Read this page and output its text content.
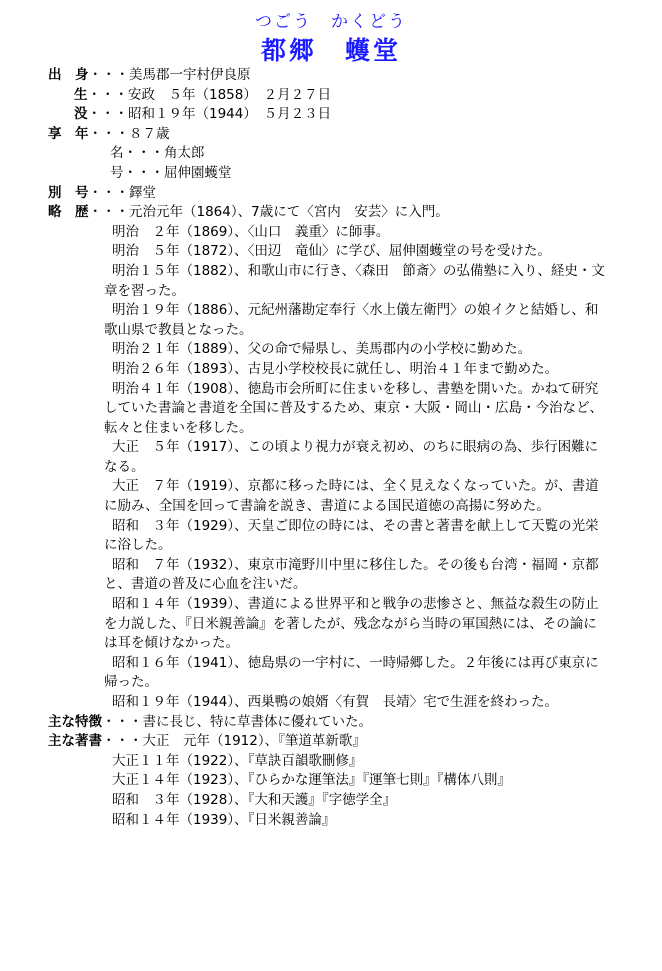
つごう　かくどう
都郷　蠖堂
出　身・・・美馬郡一宇村伊良原
生・・・安政　５年（1858）　２月２７日
没・・・昭和１９年（1944）　５月２３日
享　年・・・８７歳
名・・・角太郎
号・・・屈伸園蠖堂
別　号・・・鐸堂
略　歴・・・元治元年（1864）、7歳にて〈宮内　安芸〉に入門。
明治　２年（1869）、〈山口　義重〉に師事。
明治　５年（1872）、〈田辺　竜仙〉に学び、屈伸園蠖堂の号を受けた。
明治１５年（1882）、和歌山市に行き、〈森田　節斎〉の弘備塾に入り、経史・文章を習った。
明治１９年（1886）、元紀州藩勘定奉行〈水上儀左衛門〉の娘イクと結婚し、和歌山県で教員となった。
明治２１年（1889）、父の命で帰県し、美馬郡内の小学校に勤めた。
明治２６年（1893）、古見小学校校長に就任し、明治４１年まで勤めた。
明治４１年（1908）、徳島市会所町に住まいを移し、書塾を開いた。かねて研究していた書論と書道を全国に普及するため、東京・大阪・岡山・広島・今治など、転々と住まいを移した。
大正　５年（1917）、この頃より視力が衰え初め、のちに眼病の為、歩行困難になる。
大正　７年（1919）、京都に移った時には、全く見えなくなっていた。が、書道に励み、全国を回って書論を説き、書道による国民道徳の高揚に努めた。
昭和　３年（1929）、天皇ご即位の時には、その書と著書を献上して天覧の光栄に浴した。
昭和　７年（1932）、東京市滝野川中里に移住した。その後も台湾・福岡・京都と、書道の普及に心血を注いだ。
昭和１４年（1939）、書道による世界平和と戦争の悲惨さと、無益な殺生の防止を力説した、『日米親善論』を著したが、残念ながら当時の軍国熱には、その論には耳を傾けなかった。
昭和１６年（1941）、徳島県の一宇村に、一時帰郷した。２年後には再び東京に帰った。
昭和１９年（1944）、西巣鴨の娘婿〈有賀　長靖〉宅で生涯を終わった。
主な特徴・・・書に長じ、特に草書体に優れていた。
主な著書・・・大正　元年（1912）、『筆道革新歌』
大正１１年（1922）、『草訣百韻歌刪修』
大正１４年（1923）、『ひらかな運筆法』『運筆七則』『構体八則』
昭和　３年（1928）、『大和天護』『字徳学全』
昭和１４年（1939）、『日米親善論』
